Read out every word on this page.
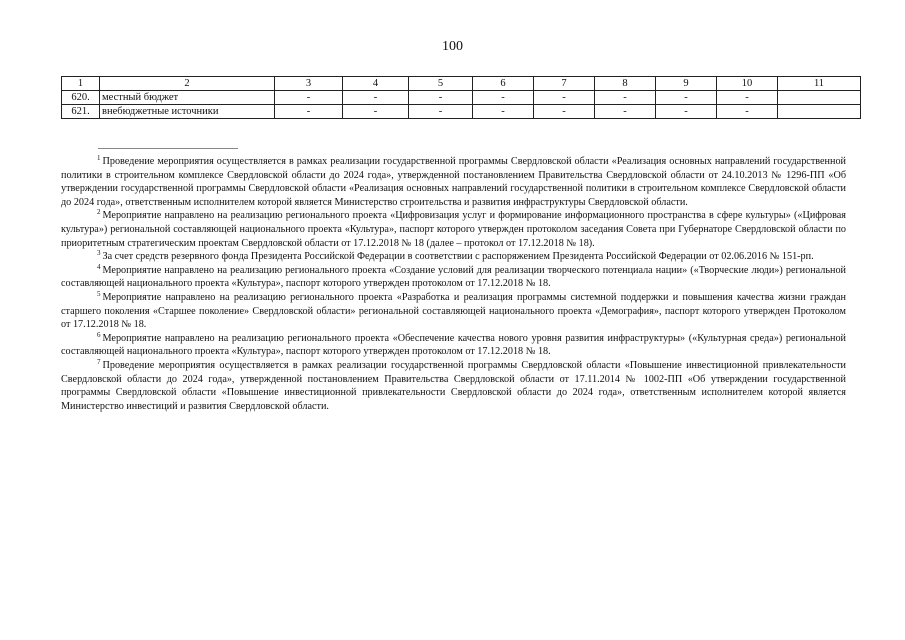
100
1	2	3	4	5	6	7	8	9	10	11
620.	местный бюджет	-	-	-	-	-	-	-	-	
621.	внебюджетные источники	-	-	-	-	-	-	-	-	

$^1$ Проведение мероприятия осуществляется в рамках реализации государственной программы Свердловской области «Реализация основных направлений государственной политики в строительном комплексе Свердловской области до 2024 года», утвержденной постановлением Правительства Свердловской области от 24.10.2013 № 1296-ПП «Об утверждении государственной программы Свердловской области «Реализация основных направлений государственной политики в строительном комплексе Свердловской области до 2024 года», ответственным исполнителем которой является Министерство строительства и развития инфраструктуры Свердловской области.

$^2$ Мероприятие направлено на реализацию регионального проекта «Цифровизация услуг и формирование информационного пространства в сфере культуры» («Цифровая культура») региональной составляющей национального проекта «Культура», паспорт которого утвержден протоколом заседания Совета при Губернаторе Свердловской области по приоритетным стратегическим проектам Свердловской области от 17.12.2018 № 18 (далее – протокол от 17.12.2018 № 18).

$^3$ За счет средств резервного фонда Президента Российской Федерации в соответствии с распоряжением Президента Российской Федерации от 02.06.2016 № 151-рп.

$^4$ Мероприятие направлено на реализацию регионального проекта «Создание условий для реализации творческого потенциала нации» («Творческие люди») региональной составляющей национального проекта «Культура», паспорт которого утвержден протоколом от 17.12.2018 № 18.

$^5$ Мероприятие направлено на реализацию регионального проекта «Разработка и реализация программы системной поддержки и повышения качества жизни граждан старшего поколения «Старшее поколение» Свердловской области» региональной составляющей национального проекта «Демография», паспорт которого утвержден Протоколом от 17.12.2018 № 18.

$^6$ Мероприятие направлено на реализацию регионального проекта «Обеспечение качества нового уровня развития инфраструктуры» («Культурная среда») региональной составляющей национального проекта «Культура», паспорт которого утвержден протоколом от 17.12.2018 № 18.

$^7$ Проведение мероприятия осуществляется в рамках реализации государственной программы Свердловской области «Повышение инвестиционной привлекательности Свердловской области до 2024 года», утвержденной постановлением Правительства Свердловской области от 17.11.2014 № 1002-ПП «Об утверждении государственной программы Свердловской области «Повышение инвестиционной привлекательности Свердловской области до 2024 года», ответственным исполнителем которой является Министерство инвестиций и развития Свердловской области.
